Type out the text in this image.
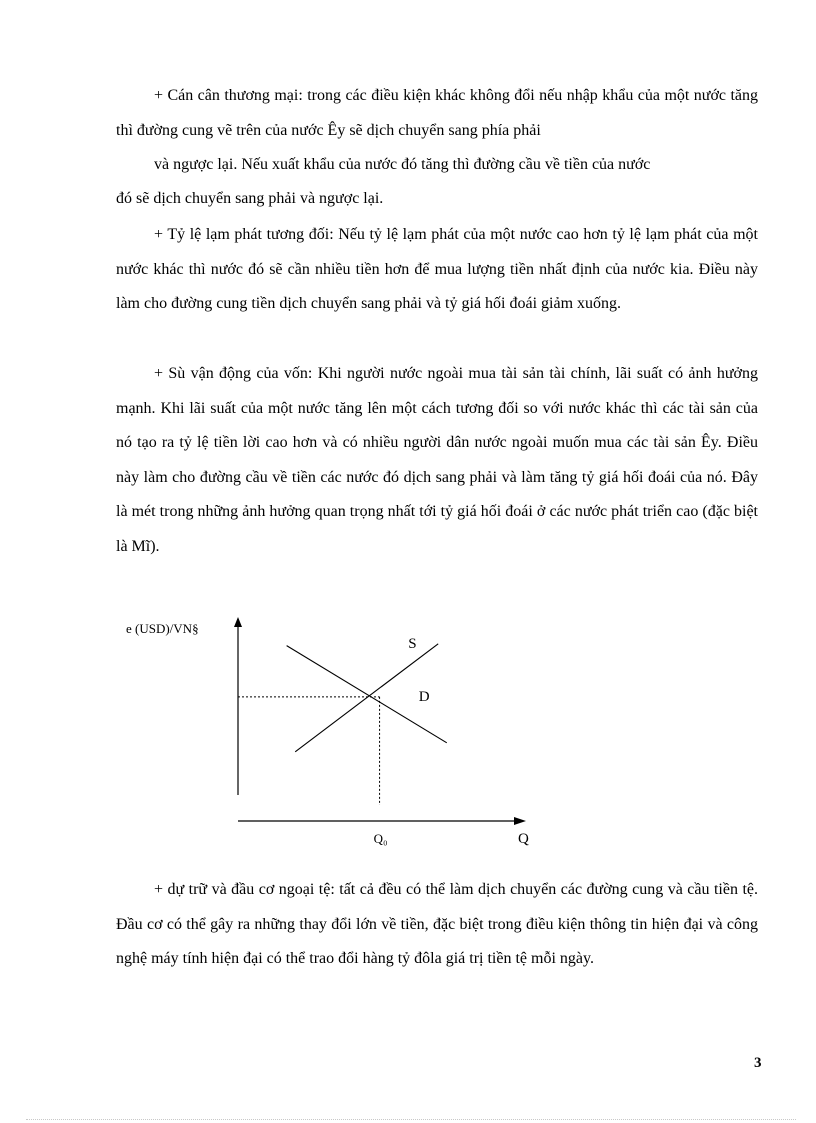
+ Cán cân thương mại: trong các điều kiện khác không đổi nếu nhập khẩu của một nước tăng thì đường cung vẽ trên của nước Êy sẽ dịch chuyển sang phía phải

và ngược lại. Nếu xuất khẩu của nước đó tăng thì đường cầu về tiền của nước

đó sẽ dịch chuyển sang phải và ngược lại.

+ Tỷ lệ lạm phát tương đối: Nếu tỷ lệ lạm phát của một nước cao hơn tỷ lệ lạm phát của một nước khác thì nước đó sẽ cần nhiều tiền hơn để mua lượng tiền nhất định của nước kia. Điều này làm cho đường cung tiền dịch chuyển sang phải và tỷ giá hối đoái giảm xuống.

+ Sù vận động của vốn: Khi người nước ngoài mua tài sản tài chính, lãi suất có ảnh hưởng mạnh. Khi lãi suất của một nước tăng lên một cách tương đối so với nước khác thì các tài sản của nó tạo ra tỷ lệ tiền lời cao hơn và có nhiều người dân nước ngoài muốn mua các tài sản Êy. Điều này làm cho đường cầu về tiền các nước đó dịch sang phải và làm tăng tỷ giá hối đoái của nó. Đây là mét trong những ảnh hưởng quan trọng nhất tới tỷ giá hối đoái ở các nước phát triển cao (đặc biệt là Mĩ).

S
D
e (USD)/VN§
Q₀	Q

+ dự trữ và đầu cơ ngoại tệ: tất cả đều có thể làm dịch chuyển các đường cung và cầu tiền tệ. Đầu cơ có thể gây ra những thay đổi lớn về tiền, đặc biệt trong điều kiện thông tin hiện đại và công nghệ máy tính hiện đại có thể trao đổi hàng tỷ đôla giá trị tiền tệ mỗi ngày.

3
